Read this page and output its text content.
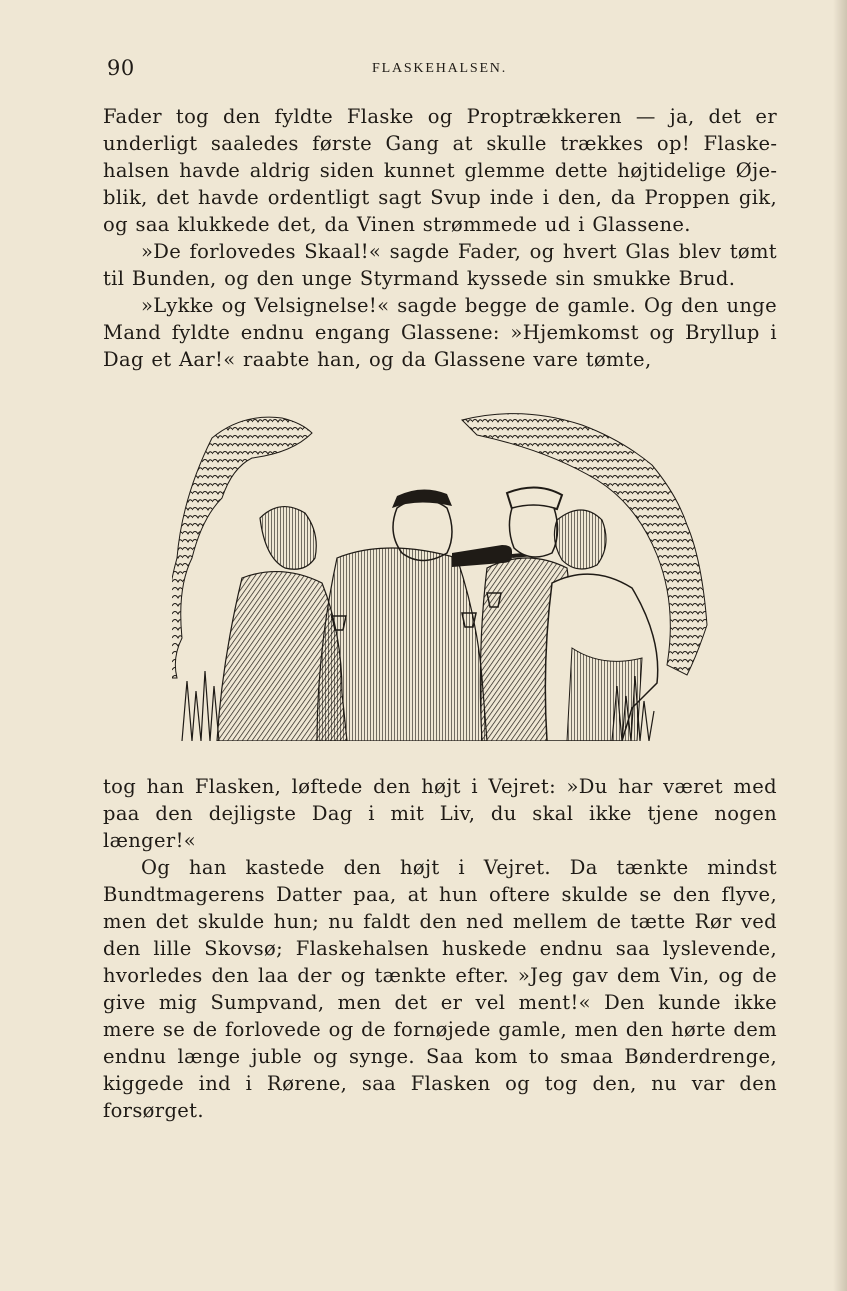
90	FLASKEHALSEN.

Fader tog den fyldte Flaske og Proptrækkeren — ja, det er underligt saaledes første Gang at skulle trækkes op! Flaskehalsen havde aldrig siden kunnet glemme dette højtidelige Øjeblik, det havde ordentligt sagt Svup inde i den, da Proppen gik, og saa klukkede det, da Vinen strømmede ud i Glassene.

»De forlovedes Skaal!« sagde Fader, og hvert Glas blev tømt til Bunden, og den unge Styrmand kyssede sin smukke Brud.

»Lykke og Velsignelse!« sagde begge de gamle. Og den unge Mand fyldte endnu engang Glassene: »Hjemkomst og Bryllup i Dag et Aar!« raabte han, og da Glassene vare tømte,

tog han Flasken, løftede den højt i Vejret: »Du har været med paa den dejligste Dag i mit Liv, du skal ikke tjene nogen længer!«

Og han kastede den højt i Vejret. Da tænkte mindst Bundtmagerens Datter paa, at hun oftere skulde se den flyve, men det skulde hun; nu faldt den ned mellem de tætte Rør ved den lille Skovsø; Flaskehalsen huskede endnu saa lyslevende, hvorledes den laa der og tænkte efter. »Jeg gav dem Vin, og de give mig Sumpvand, men det er vel ment!« Den kunde ikke mere se de forlovede og de fornøjede gamle, men den hørte dem endnu længe juble og synge. Saa kom to smaa Bønderdrenge, kiggede ind i Rørene, saa Flasken og tog den, nu var den forsørget.
